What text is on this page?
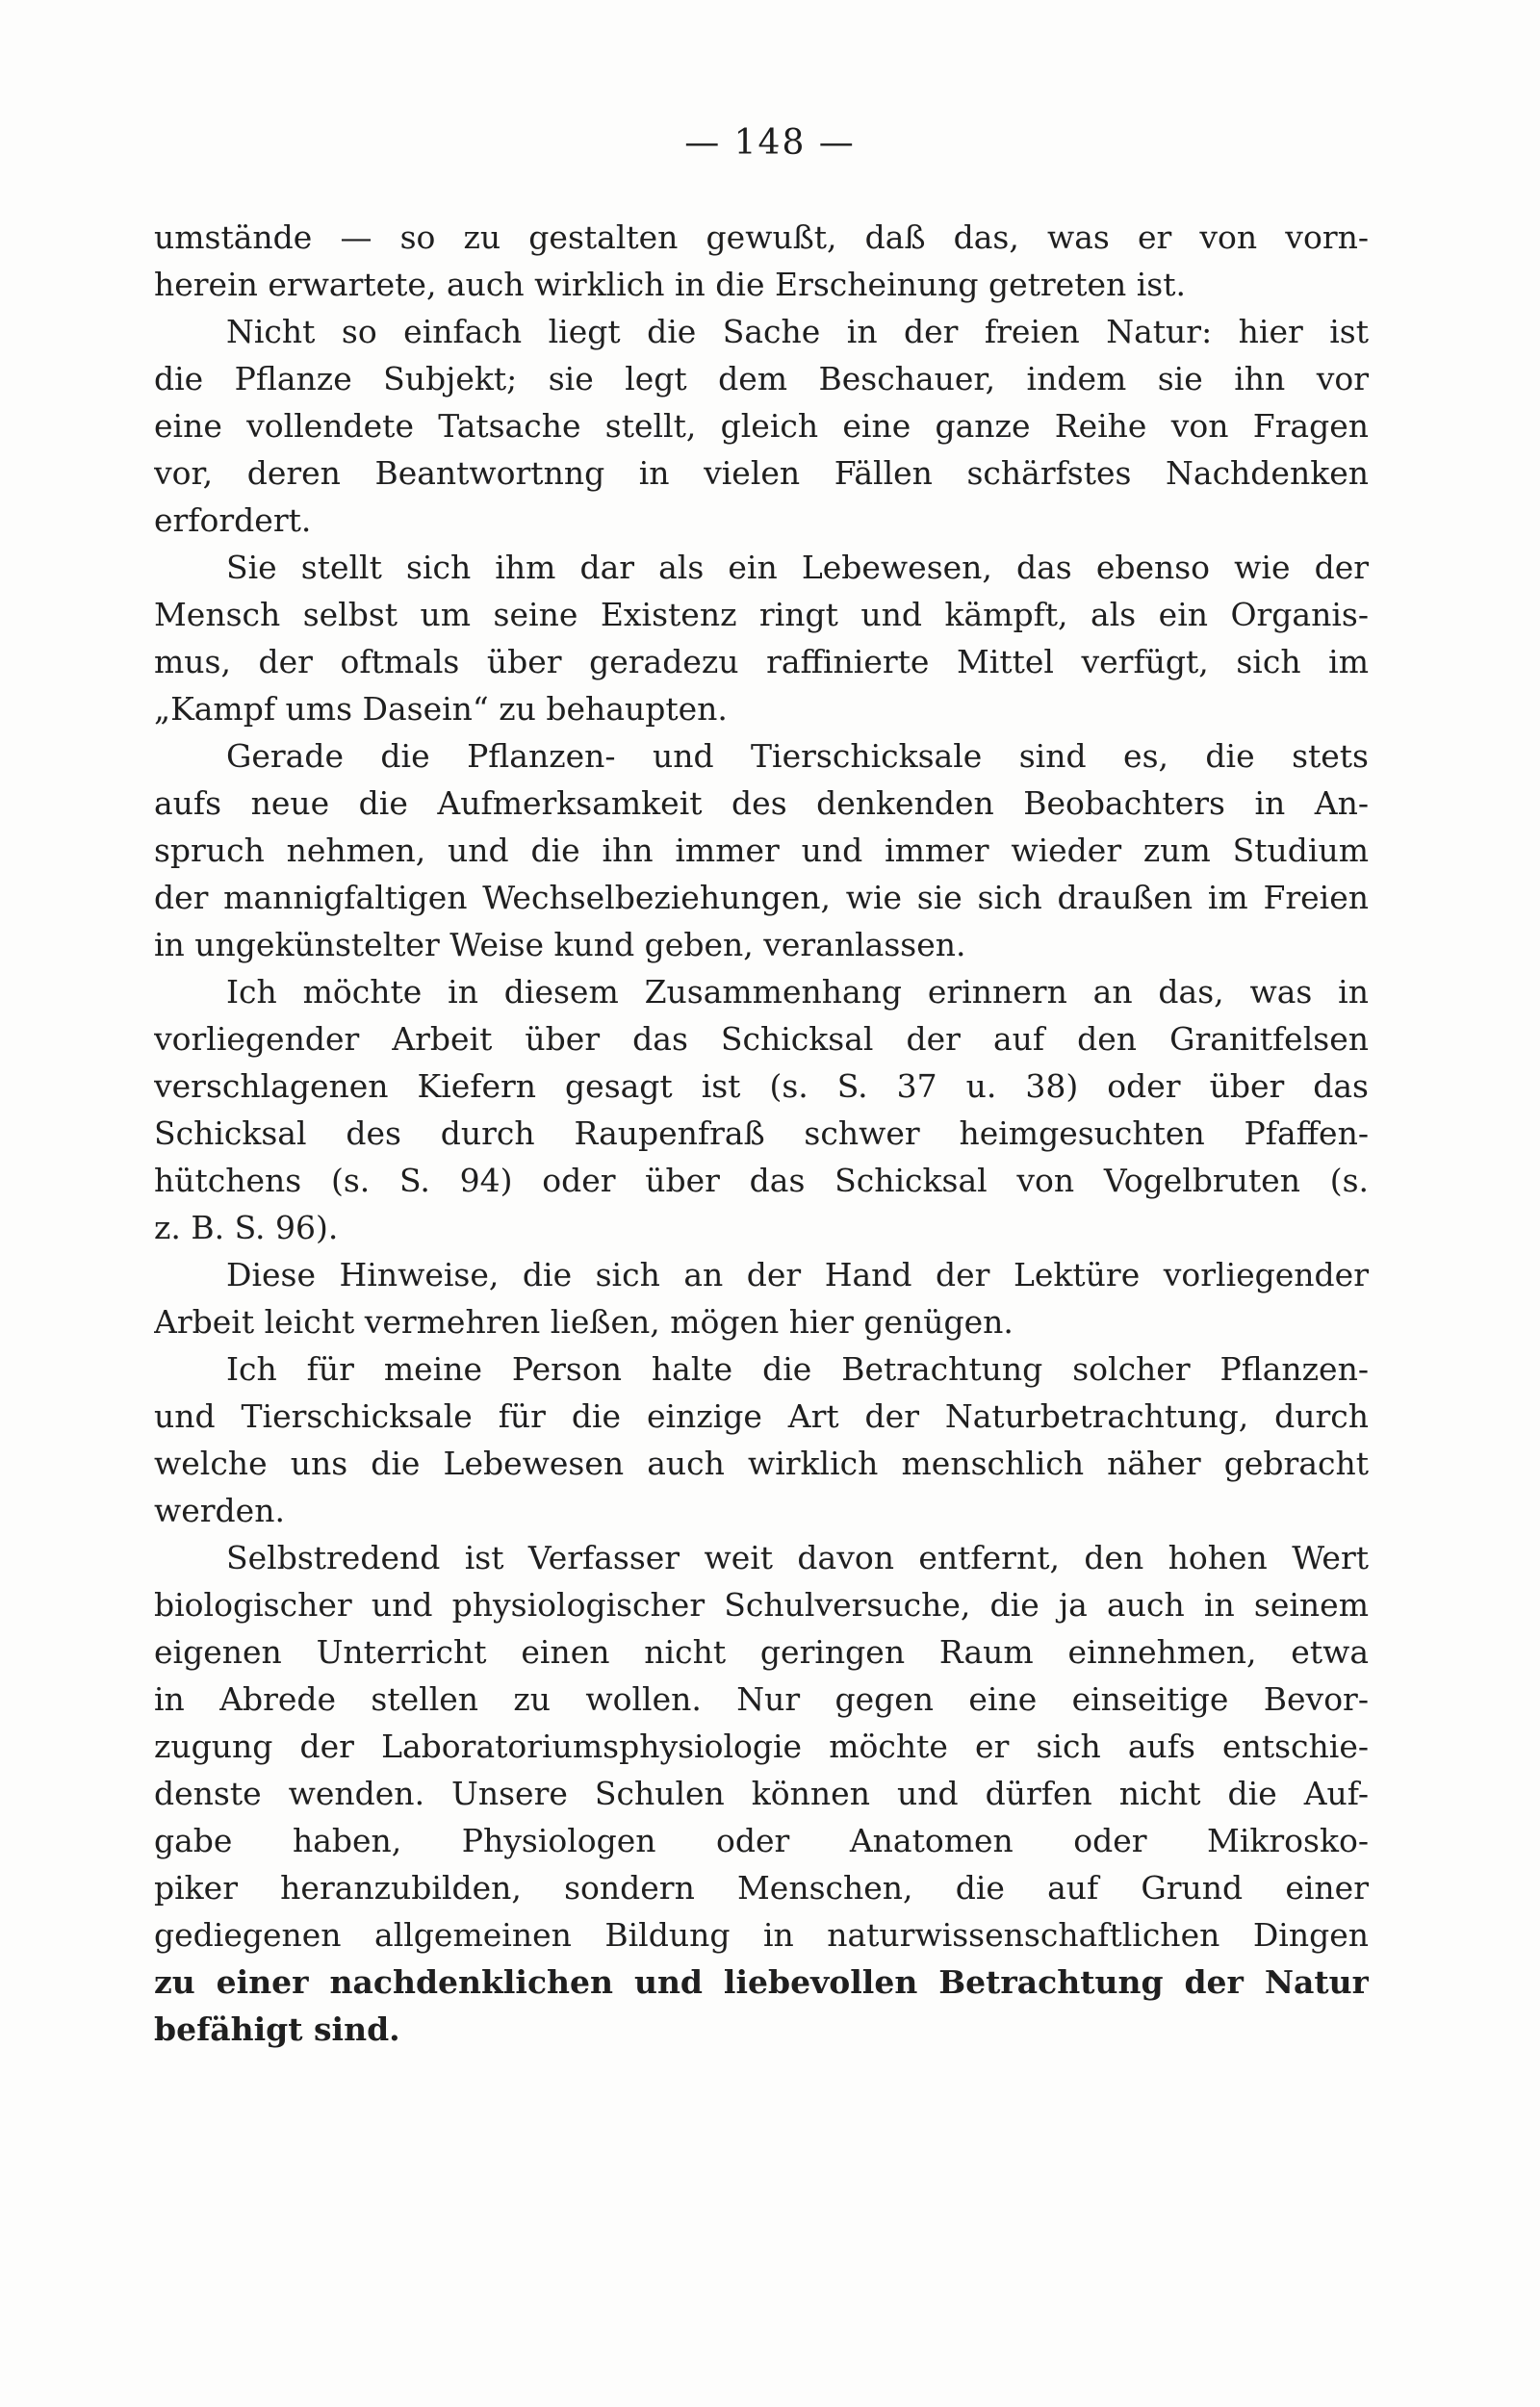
— 148 —
umstände — so zu gestalten gewußt, daß das, was er von vorn-
herein erwartete, auch wirklich in die Erscheinung getreten ist.
Nicht so einfach liegt die Sache in der freien Natur: hier ist
die Pflanze Subjekt; sie legt dem Beschauer, indem sie ihn vor
eine vollendete Tatsache stellt, gleich eine ganze Reihe von Fragen
vor, deren Beantwortnng in vielen Fällen schärfstes Nachdenken
erfordert.
Sie stellt sich ihm dar als ein Lebewesen, das ebenso wie der
Mensch selbst um seine Existenz ringt und kämpft, als ein Organis-
mus, der oftmals über geradezu raffinierte Mittel verfügt, sich im
„Kampf ums Dasein“ zu behaupten.
Gerade die Pflanzen- und Tierschicksale sind es, die stets
aufs neue die Aufmerksamkeit des denkenden Beobachters in An-
spruch nehmen, und die ihn immer und immer wieder zum Studium
der mannigfaltigen Wechselbeziehungen, wie sie sich draußen im Freien
in ungekünstelter Weise kund geben, veranlassen.
Ich möchte in diesem Zusammenhang erinnern an das, was in
vorliegender Arbeit über das Schicksal der auf den Granitfelsen
verschlagenen Kiefern gesagt ist (s. S. 37 u. 38) oder über das
Schicksal des durch Raupenfraß schwer heimgesuchten Pfaffen-
hütchens (s. S. 94) oder über das Schicksal von Vogelbruten (s.
z. B. S. 96).
Diese Hinweise, die sich an der Hand der Lektüre vorliegender
Arbeit leicht vermehren ließen, mögen hier genügen.
Ich für meine Person halte die Betrachtung solcher Pflanzen-
und Tierschicksale für die einzige Art der Naturbetrachtung, durch
welche uns die Lebewesen auch wirklich menschlich näher gebracht
werden.
Selbstredend ist Verfasser weit davon entfernt, den hohen Wert
biologischer und physiologischer Schulversuche, die ja auch in seinem
eigenen Unterricht einen nicht geringen Raum einnehmen, etwa
in Abrede stellen zu wollen. Nur gegen eine einseitige Bevor-
zugung der Laboratoriumsphysiologie möchte er sich aufs entschie-
denste wenden. Unsere Schulen können und dürfen nicht die Auf-
gabe haben, Physiologen oder Anatomen oder Mikrosko-
piker heranzubilden, sondern Menschen, die auf Grund einer
gediegenen allgemeinen Bildung in naturwissenschaftlichen Dingen
zu einer nachdenklichen und liebevollen Betrachtung der Natur
befähigt sind.
